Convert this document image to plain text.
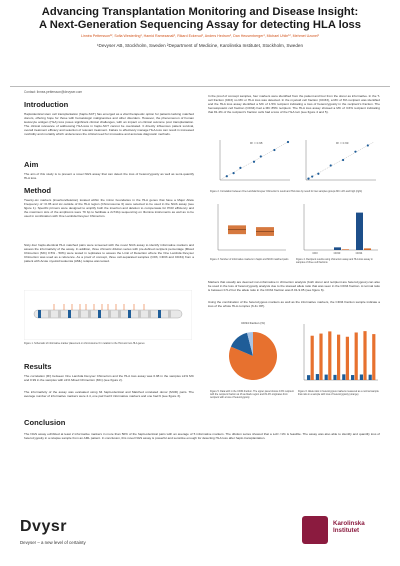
Advancing Transplantation Monitoring and Disease Insight:
A Next-Generation Sequencing Assay for detecting HLA loss
Linnéa Pettersson¹², Sofia Westerling¹, Hamid Ramezanali¹, Rikard Eckerud¹, Anders Hedrum¹, Dan Heusenberger¹, Michael Uhlin¹², Mehmet Uzunel¹
¹Devyser AB, Stockholm, Sweden ²Department of Medicine, Karolinska Institutet, Stockholm, Sweden
Contact: linnea.pettersson@devyser.com
Introduction
Haploidentical stem cell transplantation (haplo-SCT) has emerged as a vital therapeutic option for patients lacking matched donors, offering hope for those with hematologic malignancies and other disorders. However, the phenomenon of human leukocyte antigen (HLA) loss poses significant clinical challenges, with an impact on clinical outcome post transplantation. The clinical relevance of addressing HLA-loss in haplo-SCT cannot be overstated. It directly influences patient survival, overall treatment efficacy and selection of relevant treatment. Failure to effectively manage HLA-loss can result in increased morbidity and mortality which underscores the critical need for innovative and accurate diagnostic methods.
Aim
The aim of this study is to present a novel NGS assay that can detect the loss of heterozygosity as well as semi-quantify HLA loss.
Method
Twenty-six markers (insertion/deletion) located within the intron boundaries in the HLA genes that have a Major Allele Frequency of >0.35 and six outside of the HLA region (Chromosome 6) were selected to be used in the NGS assay (see figure 1). Specific primers were designed to amplify both the insertion and deletion to compensate for PCR efficiency and the maximum size of the amplicons were 79 bp to facilitate a 2x74bp sequencing on Illumina instruments as well as to be used in combination with One Lambda Devyser Chimerism.
Sixty-four haplo-identical HLA matched pairs were screened with the novel NGS assay to identify informative markers and assess the informativity of the assay. In addition, three chimeric dilution series with pre-defined recipient percentage (Mixed Chimerism (MC) 0.5% - 50%) were tested in replicates to assess the Limit of Detection where the One Lambda Devyser Chimerism was used as a reference. As a proof of concept, three cell-separated samples (CD3, CD33 and CD34) from a patient with Acute myeloid leukemia (AML) relapse was tested.
Figure 1. Schematic of informative marker placement on chromosome 6 in relation to the HLA and non-HLA genes
Results
The correlation (R²) between One Lambda Devyser Chimerism and the HLA loss assay was 0.98 in the samples ≤1% MC and 0.99 in the samples with ≥1% Mixed Chimerism (MC) (see figure 2).
The informativity of the assay was evaluated using 64 haplo-identical and Matched unrelated donor (MUD) pairs. The average number of informative markers were 4.4, one pair had 0 informative markers and one had 9 (see figure 3).
Conclusion
The NGS assay exhibited at least 2 informative markers in more than 50% of the haplo-identical pairs with an average of 5 informative markers. The dilution series showed that a LoD <1% is feasible. The assay was also able to identify and quantify loss of heterozygosity in a relapse sample from an AML patient. In conclusion, this novel NGS assay is powerful and sensitive enough for detecting HLA loss after haplo transplantation.
In the proof of concept samples, four markers were identified from the patient and four from the donor as informative. In the T-cell fraction (CD3) no MC or HLA loss was detected. In the myeloid cell fraction (CD33), a MC of 6% recipient was identified and the HLA loss assay identified a MC of 1.5% recipient indicating a loss of heterozygosity in the recipient's fraction. The hematopoietic cell fraction (CD34) had a MC 85% recipient. The HLA loss assay showed a MC of 3.6% recipient indicating that 81.4% of the recipient's fraction cells had a loss of the HLA loci (see figure 4 and 5).
R² = 0.98	R² = 0.99
Figure 2. Correlation between One Lambda Devyser Chimerism's result and HLA loss by result for two samples groups MC ≥1% and high (right)
CD3	CD33	CD34
Figure 3. Number of informative markers in haplo and MUD matched pairs	Figure 4. Recipient results using chimerism assay and HLA loss assay in samples of three cell fractions
Markers that usually are deemed non-informative in chimerism analysis (both donor and recipient are heterozygous) can also be used in the loss of heterozygosity analysis due to the skewed allele ratio that was seen in the CD34 fraction. A normal ratio is between 0.5-2 but the allele ratio in the CD34 fraction was 8.01-9.05 (see figure 6).
Using the combination of the heterozygous markers as well as the informative markers, the CD34 fraction sample indicate a loss of the whole HLA complex (6.4x OP).
CD34 fraction (%)
Figure 5. Data with in the CD34 fraction. The upper panel shows 4.6% recipient with the recipient fraction at 16 as black region and 81.4% originates from recipient with a loss of heterozygosity
Figure 6. Allele ratio in heterozygous markers measured as a normal sample that ratio in a sample with loss of heterozygosity (orange)
Dvysr
Devyser – a new level of certainty
Karolinska
Institutet
